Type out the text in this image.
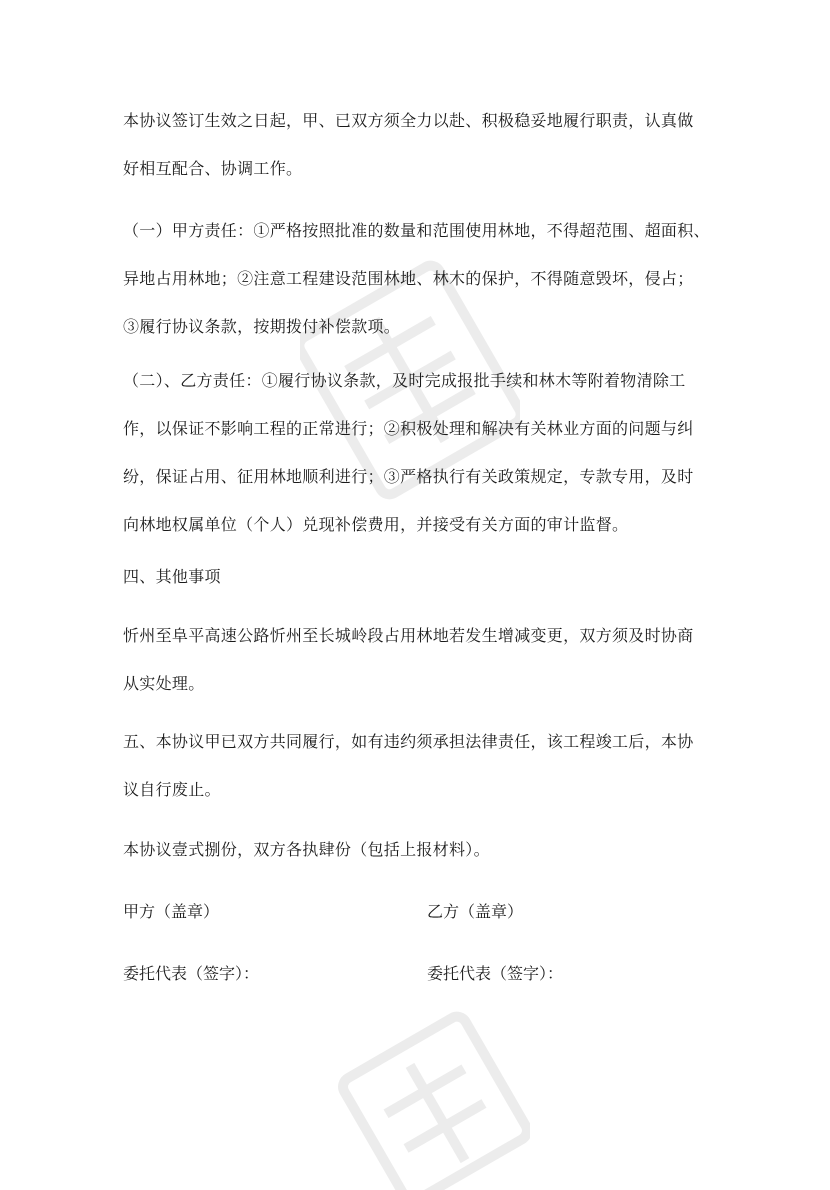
本协议签订生效之日起，甲、已双方须全力以赴、积极稳妥地履行职责，认真做
好相互配合、协调工作。
（一）甲方责任：①严格按照批准的数量和范围使用林地，不得超范围、超面积、
异地占用林地；②注意工程建设范围林地、林木的保护，不得随意毁坏，侵占；
③履行协议条款，按期拨付补偿款项。
（二）、乙方责任：①履行协议条款，及时完成报批手续和林木等附着物清除工
作，以保证不影响工程的正常进行；②积极处理和解决有关林业方面的问题与纠
纷，保证占用、征用林地顺利进行；③严格执行有关政策规定，专款专用，及时
向林地权属单位（个人）兑现补偿费用，并接受有关方面的审计监督。
四、其他事项
忻州至阜平高速公路忻州至长城岭段占用林地若发生增减变更，双方须及时协商
从实处理。
五、本协议甲已双方共同履行，如有违约须承担法律责任，该工程竣工后，本协
议自行废止。
本协议壹式捌份，双方各执肆份（包括上报材料）。
甲方（盖章）	乙方（盖章）
委托代表（签字）：	委托代表（签字）：
